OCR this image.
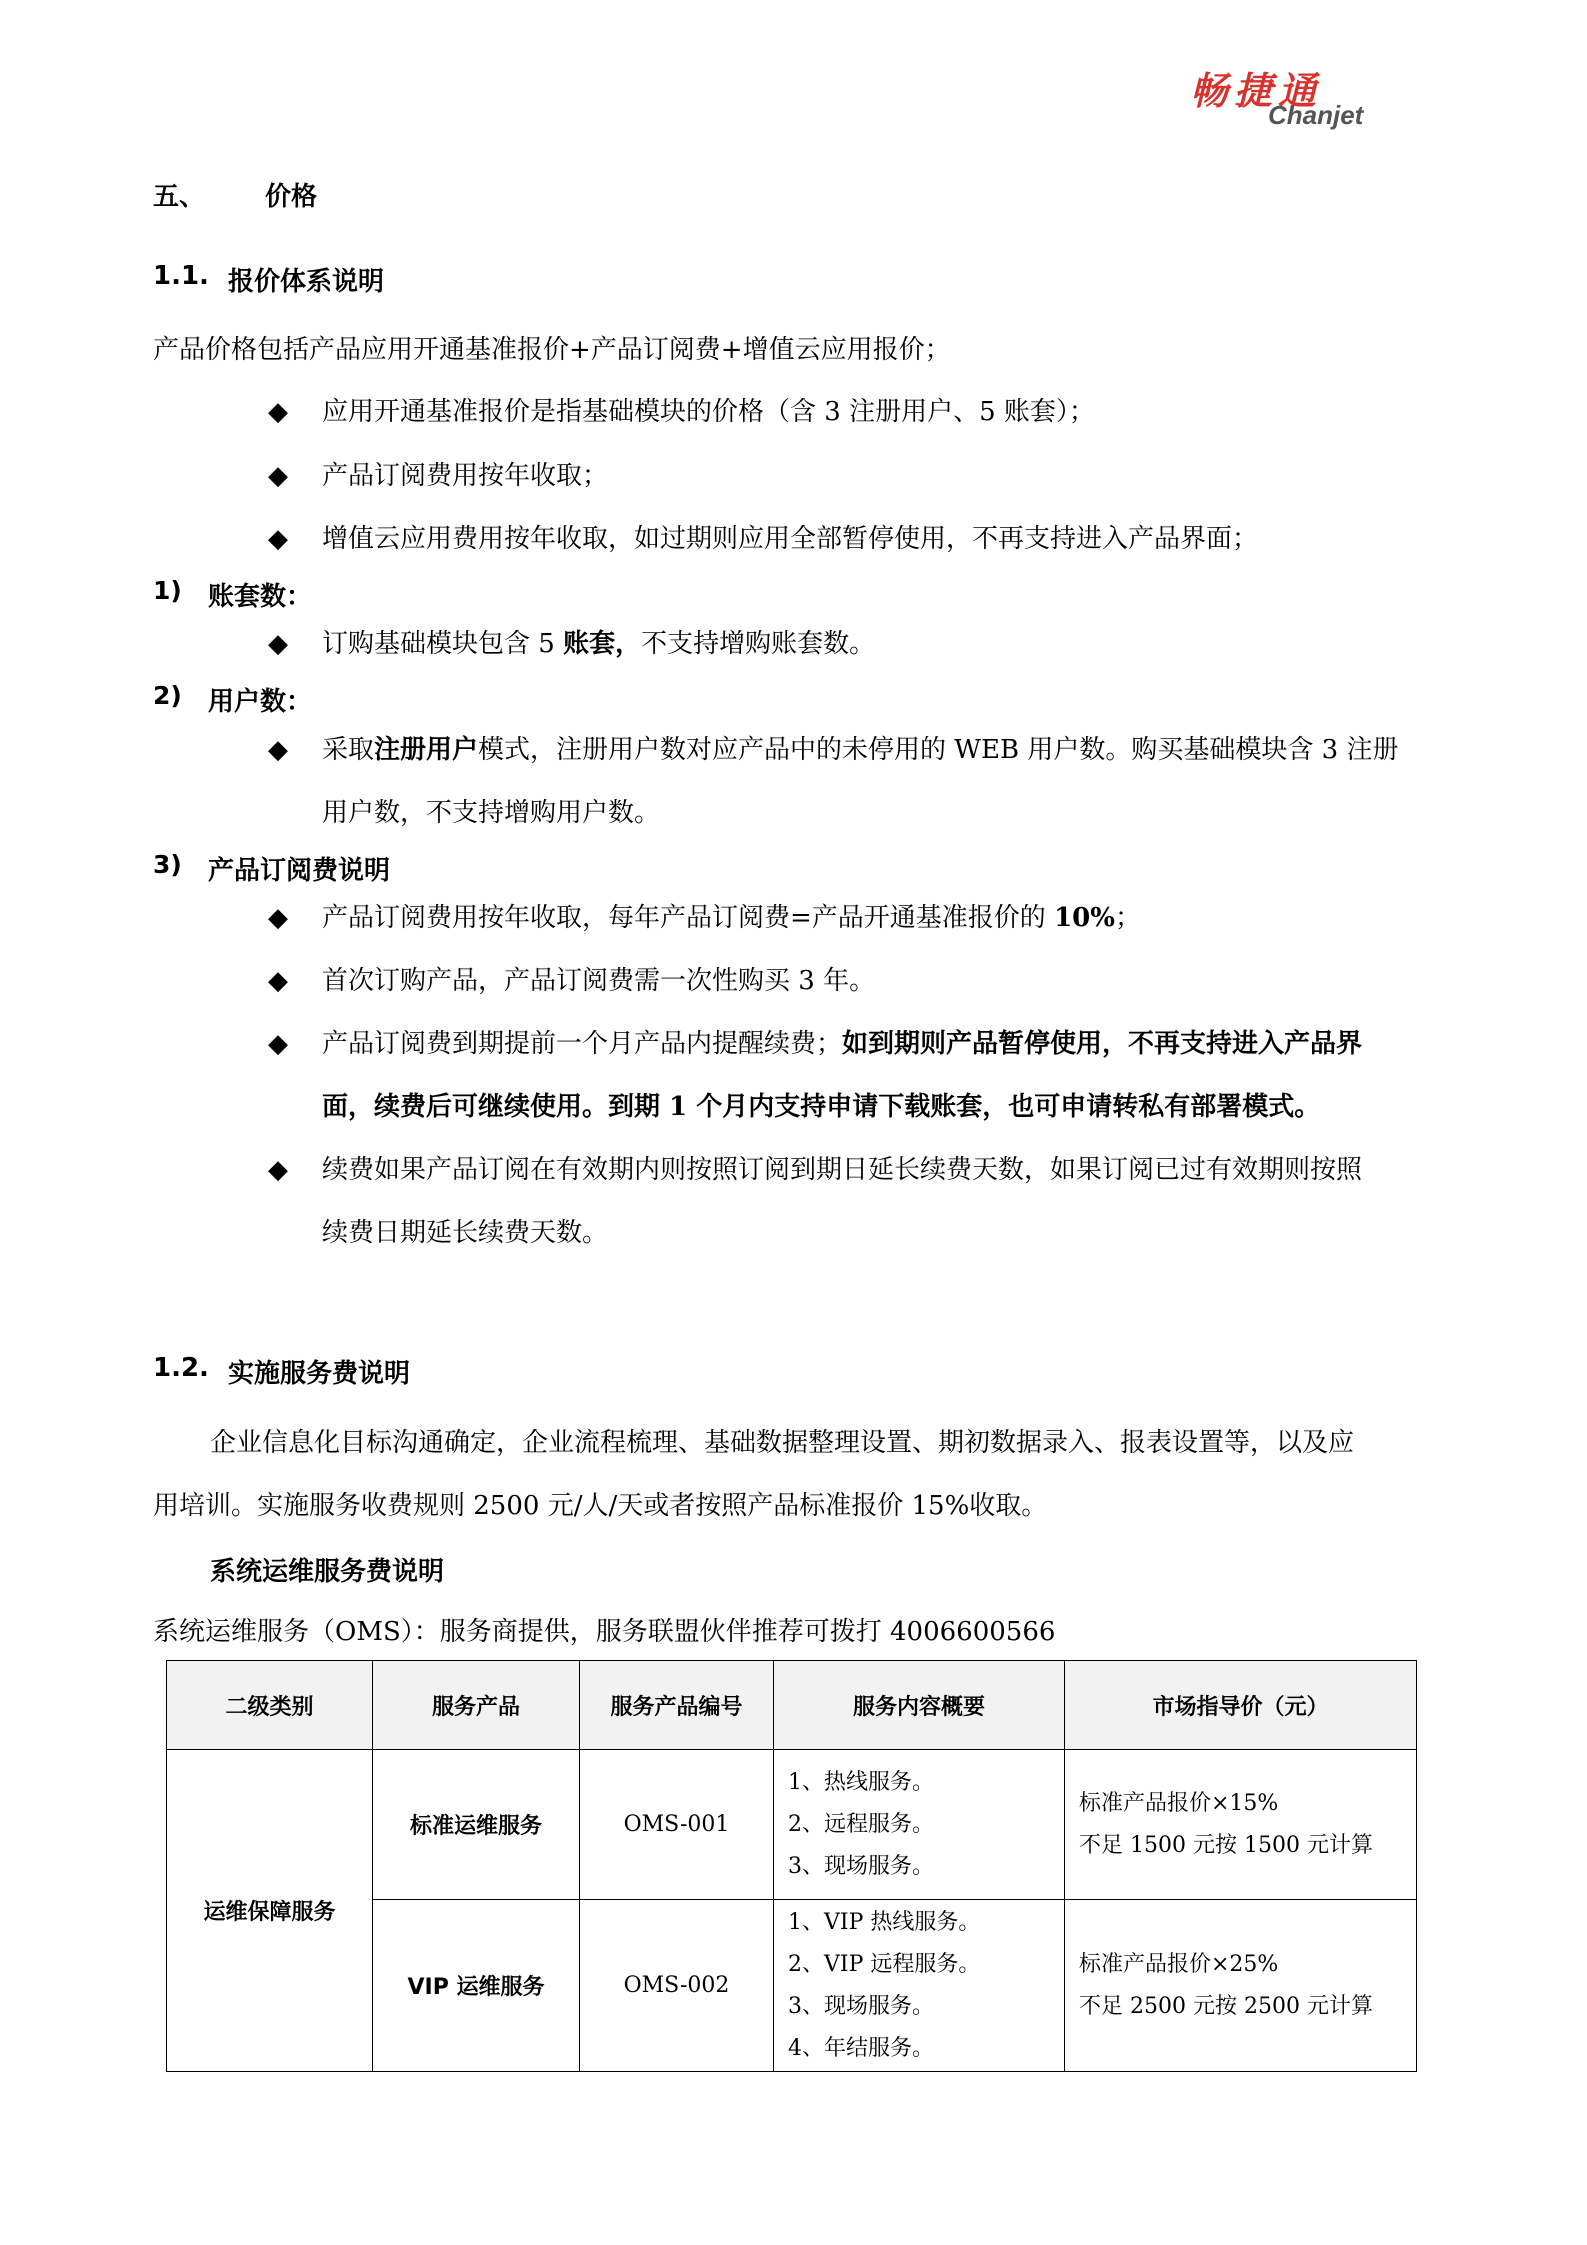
畅捷通
Chanjet
五、 价格
1.1. 报价体系说明
产品价格包括产品应用开通基准报价+产品订阅费+增值云应用报价；
◆ 应用开通基准报价是指基础模块的价格（含 3 注册用户、5 账套）；
◆ 产品订阅费用按年收取；
◆ 增值云应用费用按年收取，如过期则应用全部暂停使用，不再支持进入产品界面；
1) 账套数：
◆ 订购基础模块包含 5 账套，不支持增购账套数。
2) 用户数：
◆ 采取注册用户模式，注册用户数对应产品中的未停用的 WEB 用户数。购买基础模块含 3 注册
用户数，不支持增购用户数。
3) 产品订阅费说明
◆ 产品订阅费用按年收取，每年产品订阅费=产品开通基准报价的 10%；
◆ 首次订购产品，产品订阅费需一次性购买 3 年。
◆ 产品订阅费到期提前一个月产品内提醒续费；如到期则产品暂停使用，不再支持进入产品界
面，续费后可继续使用。到期 1 个月内支持申请下载账套，也可申请转私有部署模式。
◆ 续费如果产品订阅在有效期内则按照订阅到期日延长续费天数，如果订阅已过有效期则按照
续费日期延长续费天数。
1.2. 实施服务费说明
企业信息化目标沟通确定，企业流程梳理、基础数据整理设置、期初数据录入、报表设置等，以及应
用培训。实施服务收费规则 2500 元/人/天或者按照产品标准报价 15%收取。
系统运维服务费说明
系统运维服务（OMS）：服务商提供，服务联盟伙伴推荐可拨打 4006600566
二级类别	服务产品	服务产品编号	服务内容概要	市场指导价（元）
运维保障服务	标准运维服务	OMS-001	1、热线服务。
2、远程服务。
3、现场服务。	标准产品报价×15%
不足 1500 元按 1500 元计算

	VIP 运维服务	OMS-002	1、VIP 热线服务。
2、VIP 远程服务。
3、现场服务。
4、年结服务。	标准产品报价×25%
不足 2500 元按 2500 元计算
